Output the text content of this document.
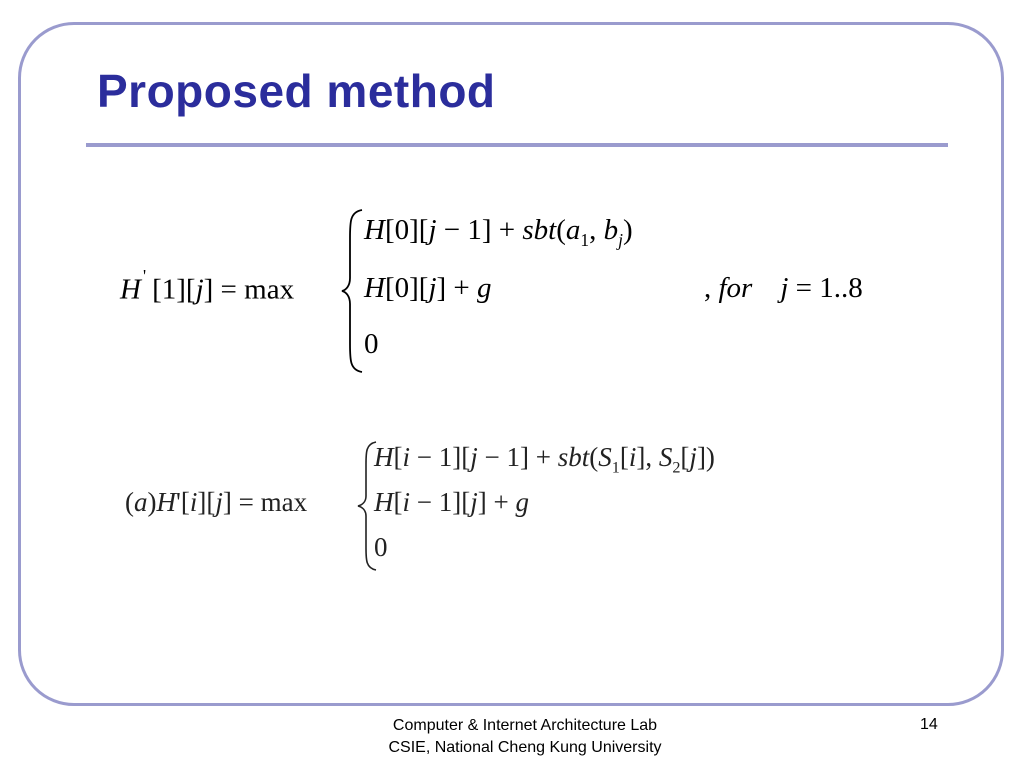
Proposed method
H ' [1][j] = max
$H[0][j - 1] + sbt(a_1$, $b_j$)
H[0][j] + g	, for j = 1..8
0
(a)H'[i][j] = max
$H[i - 1][j - 1] + sbt(S_1[i]$, $S_2[j]$)
H[i − 1][j] + g
0
Computer & Internet Architecture Lab
CSIE, National Cheng Kung University
14
